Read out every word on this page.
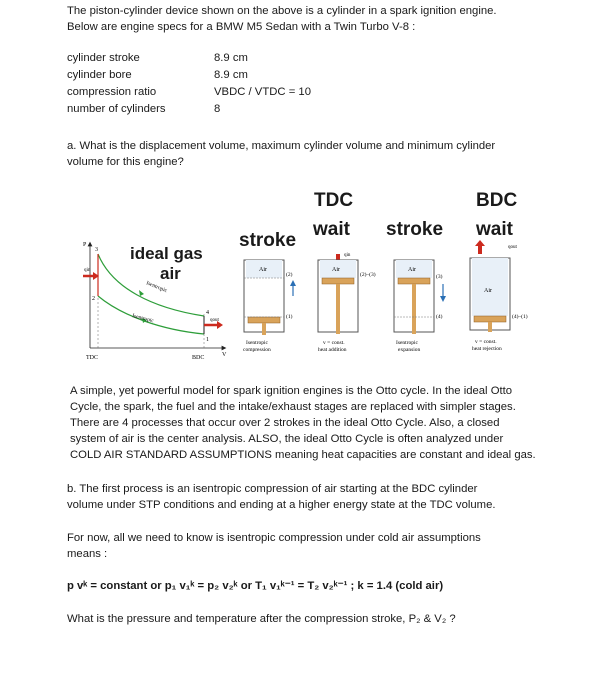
The piston-cylinder device shown on the above is a cylinder in a spark ignition engine.
Below are engine specs for a BMW M5 Sedan with a Twin Turbo V-8 :
cylinder stroke	8.9 cm
cylinder bore	8.9 cm
compression ratio	VBDC / VTDC = 10
number of cylinders	8
a. What is the displacement volume, maximum cylinder volume and minimum cylinder
volume for this engine?
TDC	BDC
stroke
wait stroke wait
P
V
TDC	BDC
qin
qout
3
2
4
1
Isentropic
Isentropic
ideal gas
air	Air
(2)
(1)
Isentropic
compression
qin
Air
(2)–(3)
v = const.
heat addition
Air
(3)
(4)
Isentropic
expansion
qout
Air
(4)–(1)
v = const.
heat rejection
A simple, yet powerful model for spark ignition engines is the Otto cycle. In the ideal Otto
Cycle, the spark, the fuel and the intake/exhaust stages are replaced with simpler stages.
There are 4 processes that occur over 2 strokes in the ideal Otto Cycle. Also, a closed
system of air is the center analysis. ALSO, the ideal Otto Cycle is often analyzed under
COLD AIR STANDARD ASSUMPTIONS meaning heat capacities are constant and ideal gas.
b. The first process is an isentropic compression of air starting at the BDC cylinder
volume under STP conditions and ending at a higher energy state at the TDC volume.
For now, all we need to know is isentropic compression under cold air assumptions
means :
p vᵏ = constant or p₁ v₁ᵏ = p₂ v₂ᵏ or T₁ v₁ᵏ⁻¹ = T₂ v₂ᵏ⁻¹ ; k = 1.4 (cold air)
What is the pressure and temperature after the compression stroke, P₂ & V₂ ?
